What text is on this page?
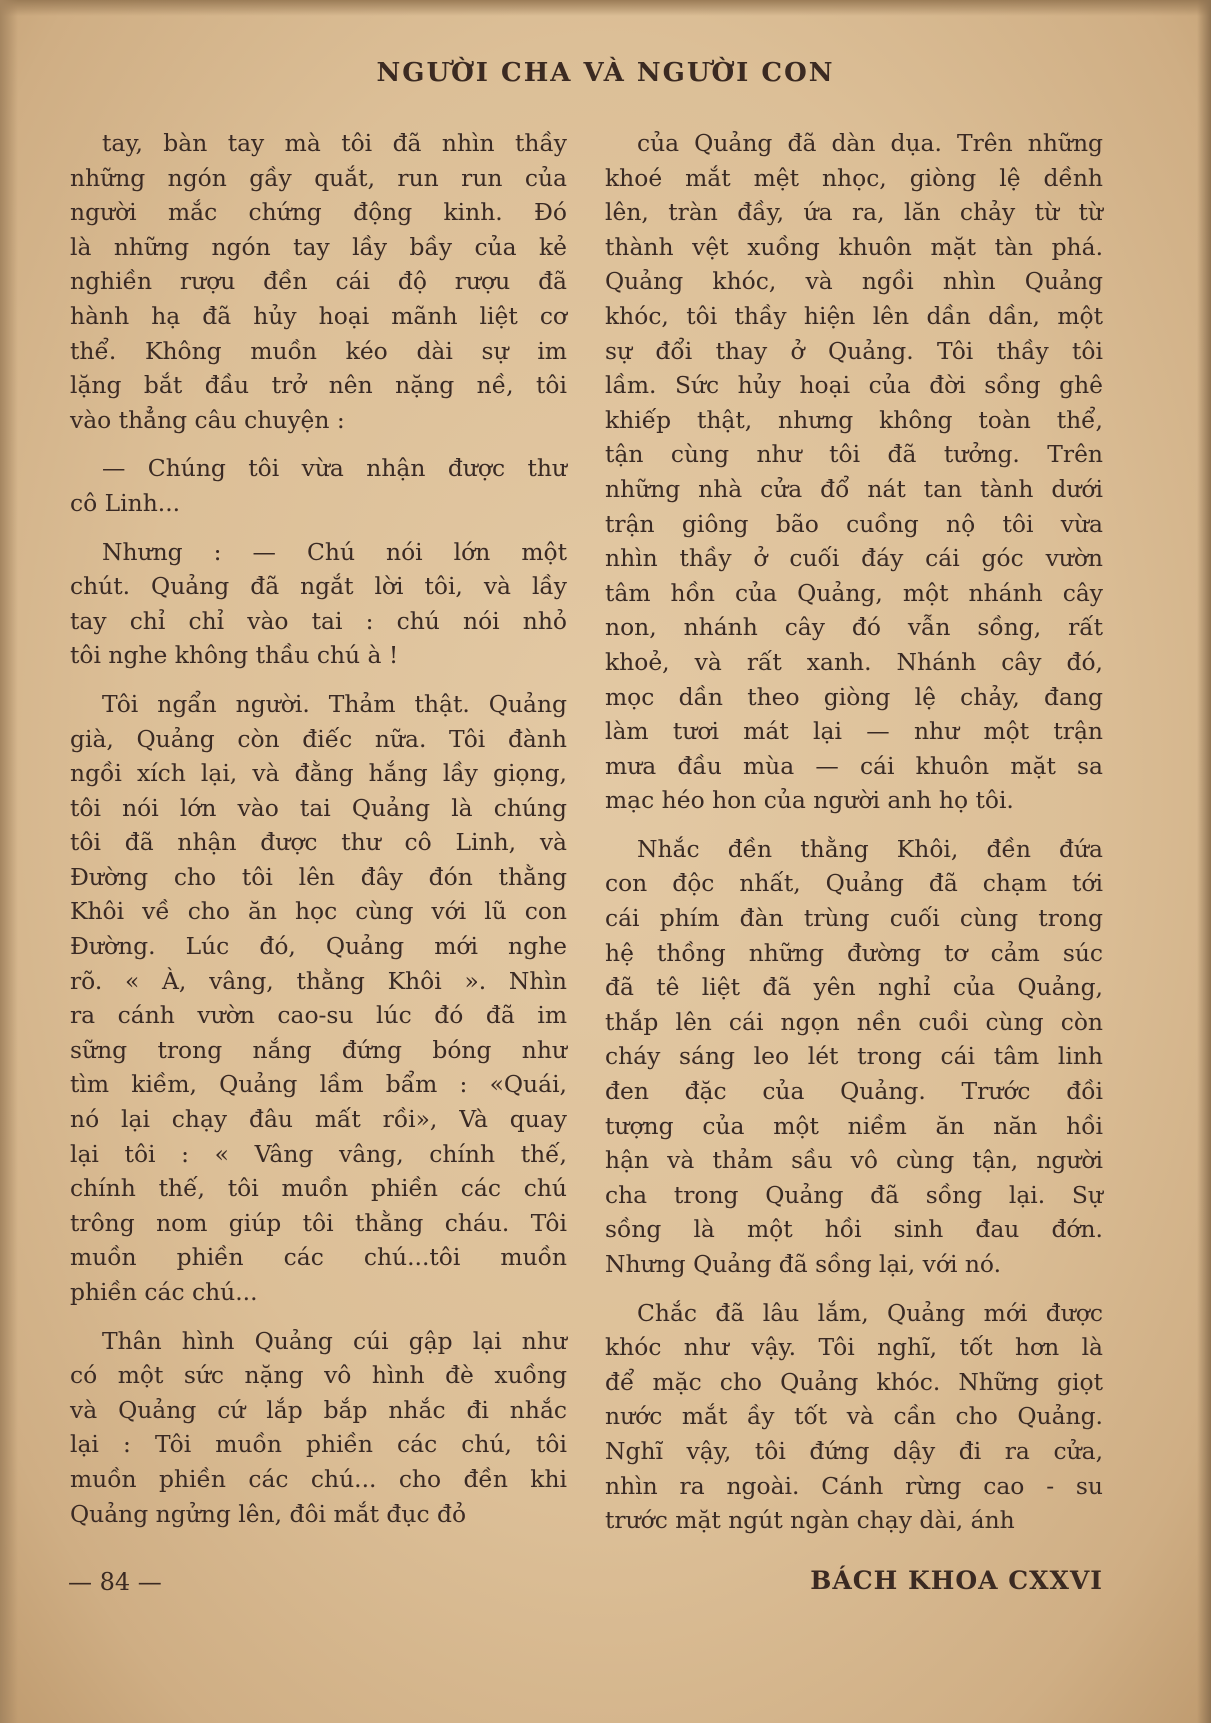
NGƯỜI CHA VÀ NGƯỜI CON
tay, bàn tay mà tôi đã nhìn thầy
những ngón gầy quắt, run run của
người mắc chứng động kinh. Đó
là những ngón tay lầy bầy của kẻ
nghiền rượu đền cái độ rượu đã
hành hạ đã hủy hoại mãnh liệt cơ
thể. Không muồn kéo dài sự im
lặng bắt đầu trở nên nặng nề, tôi
vào thẳng câu chuyện :
— Chúng tôi vừa nhận được thư
cô Linh...
Nhưng : — Chú nói lớn một
chút. Quảng đã ngắt lời tôi, và lầy
tay chỉ chỉ vào tai : chú nói nhỏ
tôi nghe không thầu chú à !
Tôi ngẩn người. Thảm thật. Quảng
già, Quảng còn điếc nữa. Tôi đành
ngồi xích lại, và đằng hắng lầy giọng,
tôi nói lớn vào tai Quảng là chúng
tôi đã nhận được thư cô Linh, và
Đường cho tôi lên đây đón thằng
Khôi về cho ăn học cùng với lũ con
Đường. Lúc đó, Quảng mới nghe
rõ. « À, vâng, thằng Khôi ». Nhìn
ra cánh vườn cao-su lúc đó đã im
sững trong nắng đứng bóng như
tìm kiềm, Quảng lầm bẩm : «Quái,
nó lại chạy đâu mất rồi», Và quay
lại tôi : « Vâng vâng, chính thế,
chính thế, tôi muồn phiền các chú
trông nom giúp tôi thằng cháu. Tôi
muồn phiền các chú...tôi muồn
phiền các chú...
Thân hình Quảng cúi gập lại như
có một sức nặng vô hình đè xuồng
và Quảng cứ lắp bắp nhắc đi nhắc
lại : Tôi muồn phiền các chú, tôi
muồn phiền các chú... cho đền khi
Quảng ngửng lên, đôi mắt đục đỏ
của Quảng đã dàn dụa. Trên những
khoé mắt mệt nhọc, giòng lệ dềnh
lên, tràn đầy, ứa ra, lăn chảy từ từ
thành vệt xuồng khuôn mặt tàn phá.
Quảng khóc, và ngồi nhìn Quảng
khóc, tôi thầy hiện lên dần dần, một
sự đổi thay ở Quảng. Tôi thầy tôi
lầm. Sức hủy hoại của đời sồng ghê
khiếp thật, nhưng không toàn thể,
tận cùng như tôi đã tưởng. Trên
những nhà cửa đổ nát tan tành dưới
trận giông bão cuồng nộ tôi vừa
nhìn thầy ở cuối đáy cái góc vườn
tâm hồn của Quảng, một nhánh cây
non, nhánh cây đó vẫn sồng, rất
khoẻ, và rất xanh. Nhánh cây đó,
mọc dần theo giòng lệ chảy, đang
làm tươi mát lại — như một trận
mưa đầu mùa — cái khuôn mặt sa
mạc héo hon của người anh họ tôi.
Nhắc đền thằng Khôi, đền đứa
con độc nhất, Quảng đã chạm tới
cái phím đàn trùng cuối cùng trong
hệ thồng những đường tơ cảm súc
đã tê liệt đã yên nghỉ của Quảng,
thắp lên cái ngọn nền cuồi cùng còn
cháy sáng leo lét trong cái tâm linh
đen đặc của Quảng. Trước đồi
tượng của một niềm ăn năn hồi
hận và thảm sầu vô cùng tận, người
cha trong Quảng đã sồng lại. Sự
sồng là một hồi sinh đau đớn.
Nhưng Quảng đã sồng lại, với nó.
Chắc đã lâu lắm, Quảng mới được
khóc như vậy. Tôi nghĩ, tốt hơn là
để mặc cho Quảng khóc. Những giọt
nước mắt ầy tốt và cần cho Quảng.
Nghĩ vậy, tôi đứng dậy đi ra cửa,
nhìn ra ngoài. Cánh rừng cao - su
trước mặt ngút ngàn chạy dài, ánh
— 84 —	BÁCH KHOA CXXVI
